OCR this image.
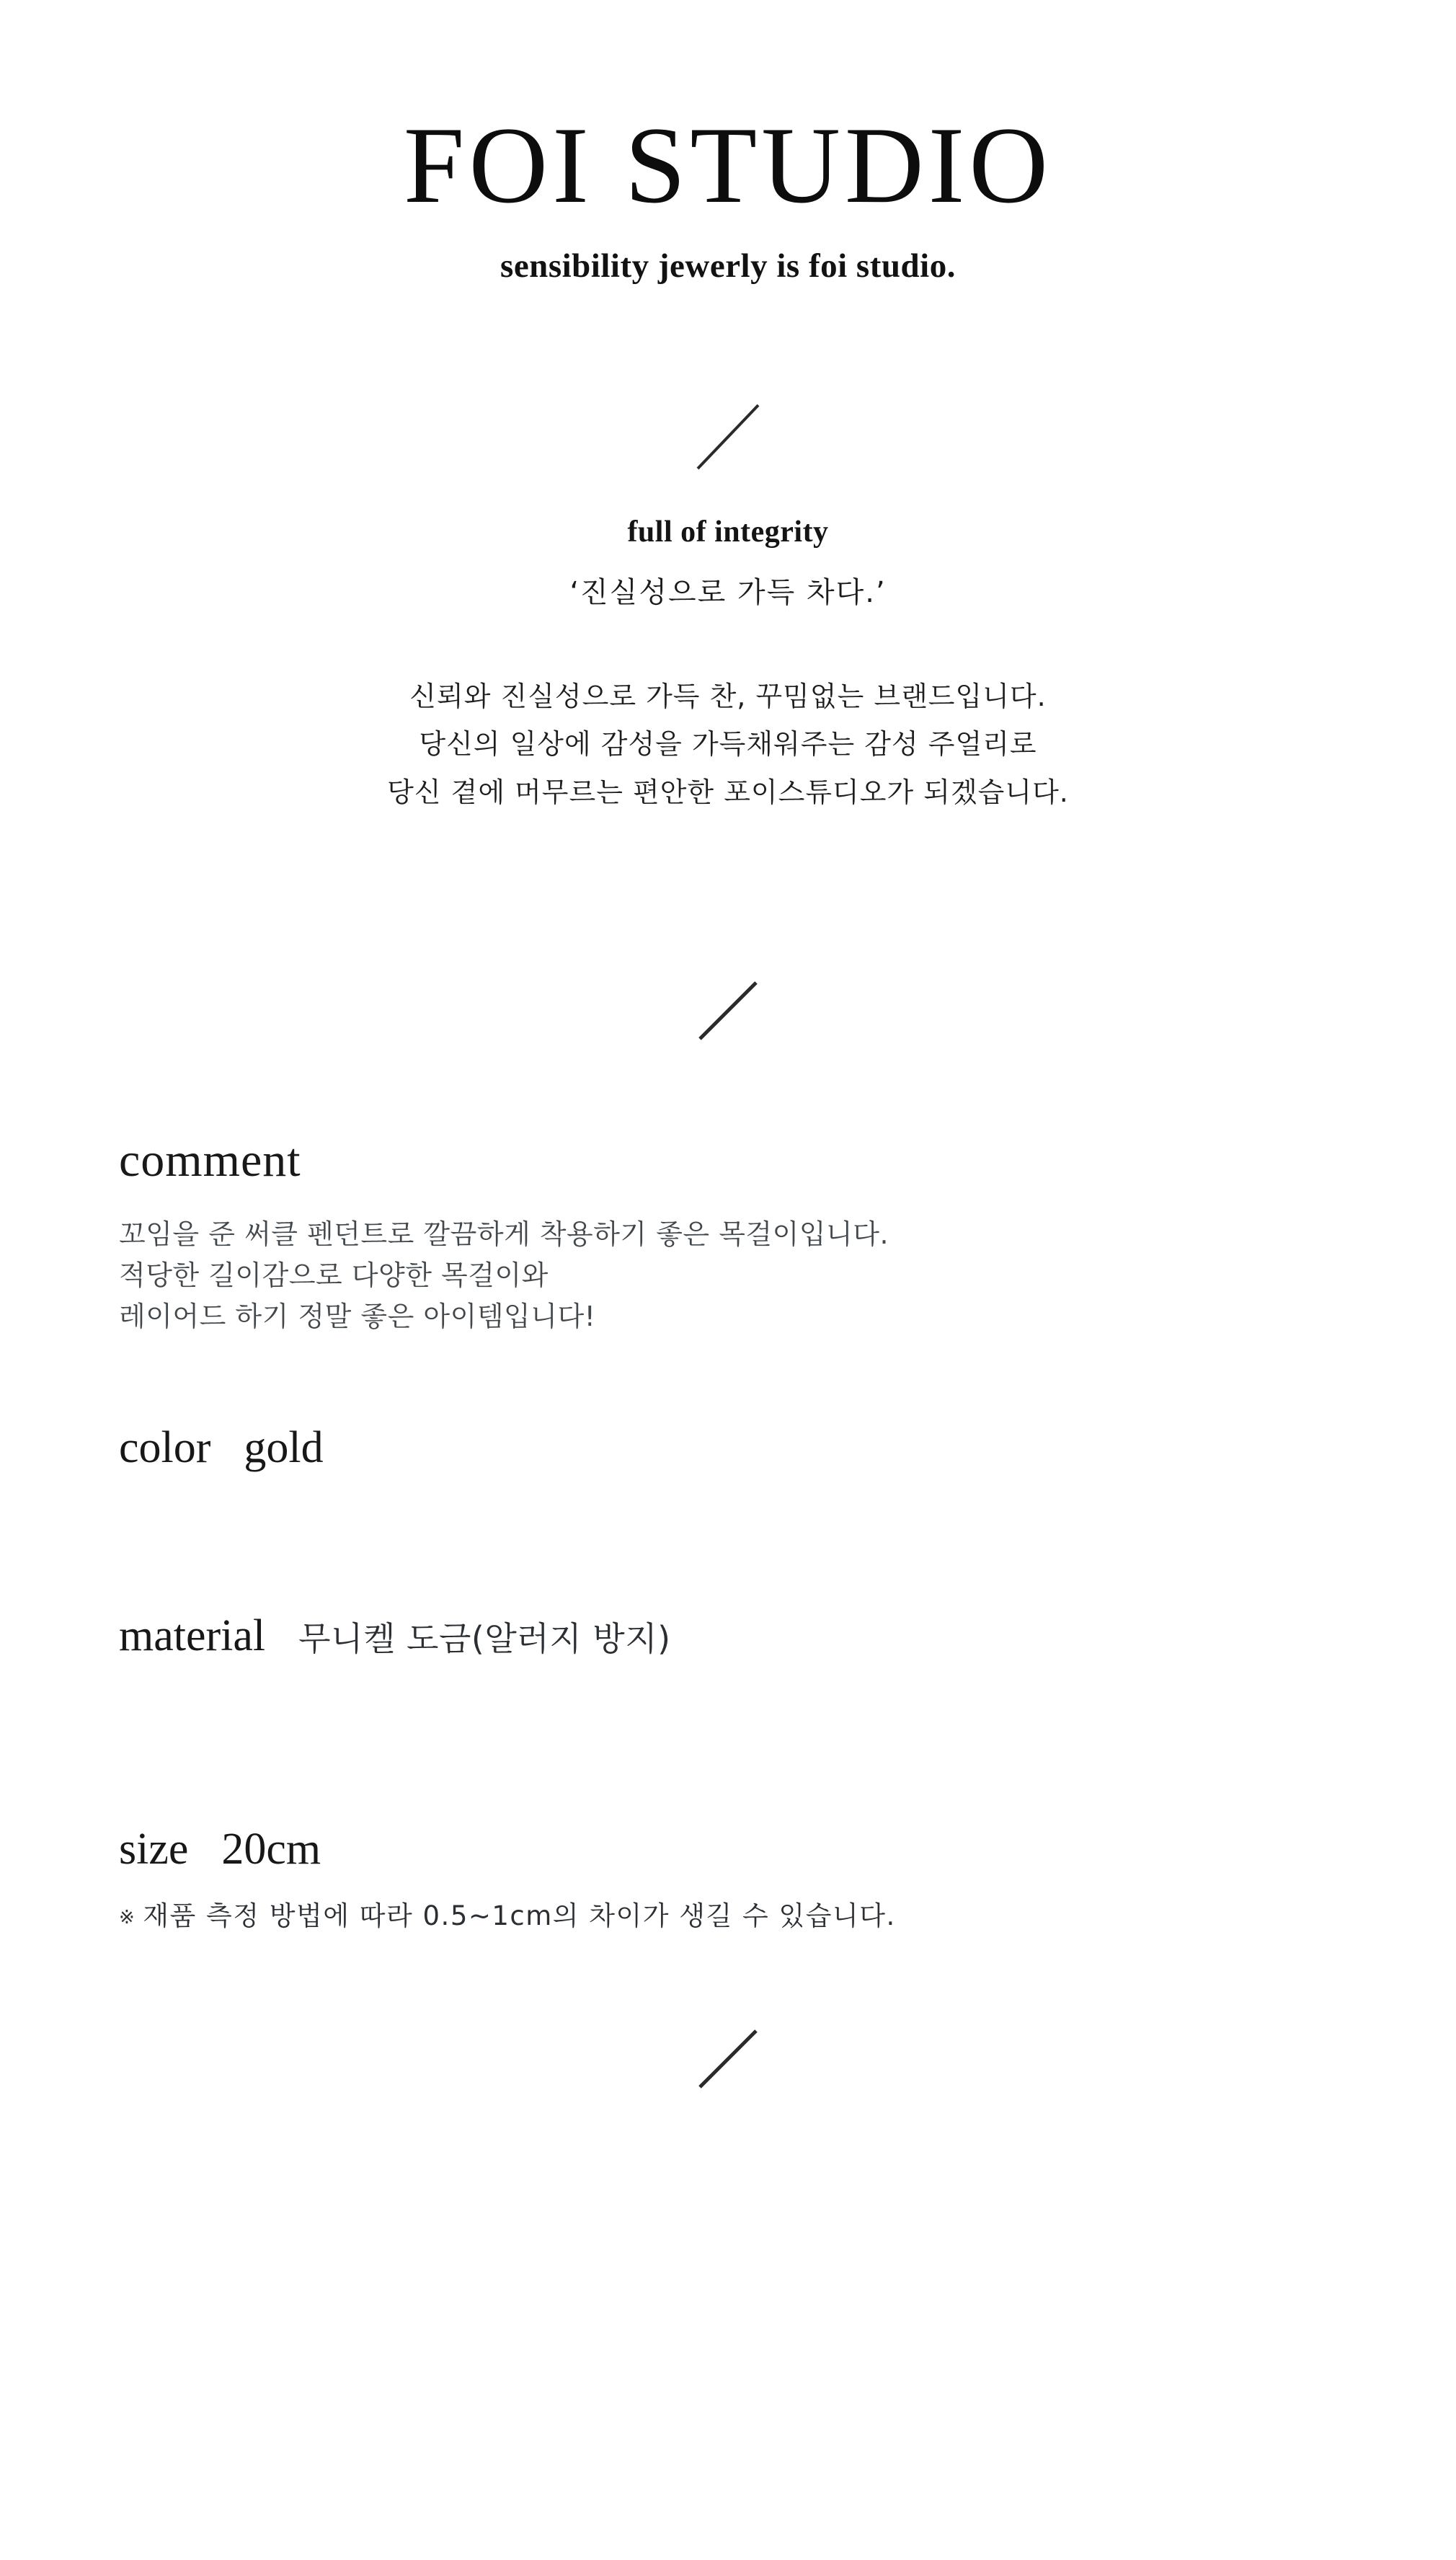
FOI STUDIO
sensibility jewerly is foi studio.
full of integrity
‘진실성으로 가득 차다.’
신뢰와 진실성으로 가득 찬, 꾸밈없는 브랜드입니다.
당신의 일상에 감성을 가득채워주는 감성 주얼리로
당신 곁에 머무르는 편안한 포이스튜디오가 되겠습니다.
comment
꼬임을 준 써클 펜던트로 깔끔하게 착용하기 좋은 목걸이입니다.
적당한 길이감으로 다양한 목걸이와
레이어드 하기 정말 좋은 아이템입니다!
color gold
material 무니켈 도금(알러지 방지)
size 20cm
※ 재품 측정 방법에 따라 0.5~1cm의 차이가 생길 수 있습니다.
